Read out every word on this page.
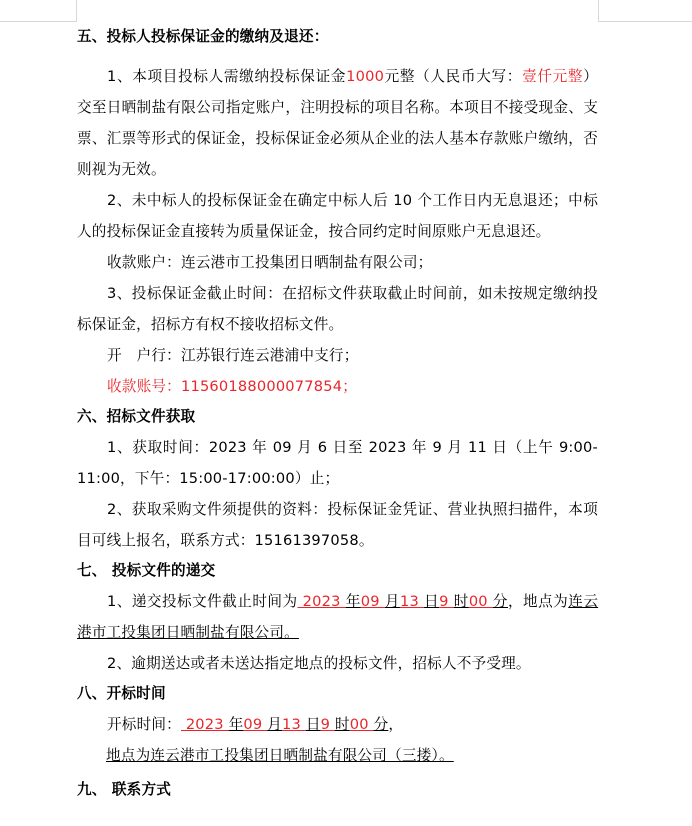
五、投标人投标保证金的缴纳及退还：

1、本项目投标人需缴纳投标保证金1000元整（人民币大写：壹仟元整）交至日晒制盐有限公司指定账户，注明投标的项目名称。本项目不接受现金、支票、汇票等形式的保证金，投标保证金必须从企业的法人基本存款账户缴纳，否则视为无效。

2、未中标人的投标保证金在确定中标人后 10 个工作日内无息退还；中标人的投标保证金直接转为质量保证金，按合同约定时间原账户无息退还。

收款账户：连云港市工投集团日晒制盐有限公司；

3、投标保证金截止时间：在招标文件获取截止时间前，如未按规定缴纳投标保证金，招标方有权不接收招标文件。

开　户行：江苏银行连云港浦中支行；

收款账号：11560188000077854；

六、招标文件获取

1、获取时间：2023 年 09 月 6 日至 2023 年 9 月 11 日（上午 9:00-11:00，下午：15:00-17:00:00）止；

2、获取采购文件须提供的资料：投标保证金凭证、营业执照扫描件，本项目可线上报名，联系方式：15161397058。

七、 投标文件的递交

1、递交投标文件截止时间为 2023 年09 月13 日9 时00 分，地点为连云港市工投集团日晒制盐有限公司。

2、逾期送达或者未送达指定地点的投标文件，招标人不予受理。

八、开标时间

开标时间： 2023 年09 月13 日9 时00 分，

地点为连云港市工投集团日晒制盐有限公司（三搂）。

九、 联系方式
